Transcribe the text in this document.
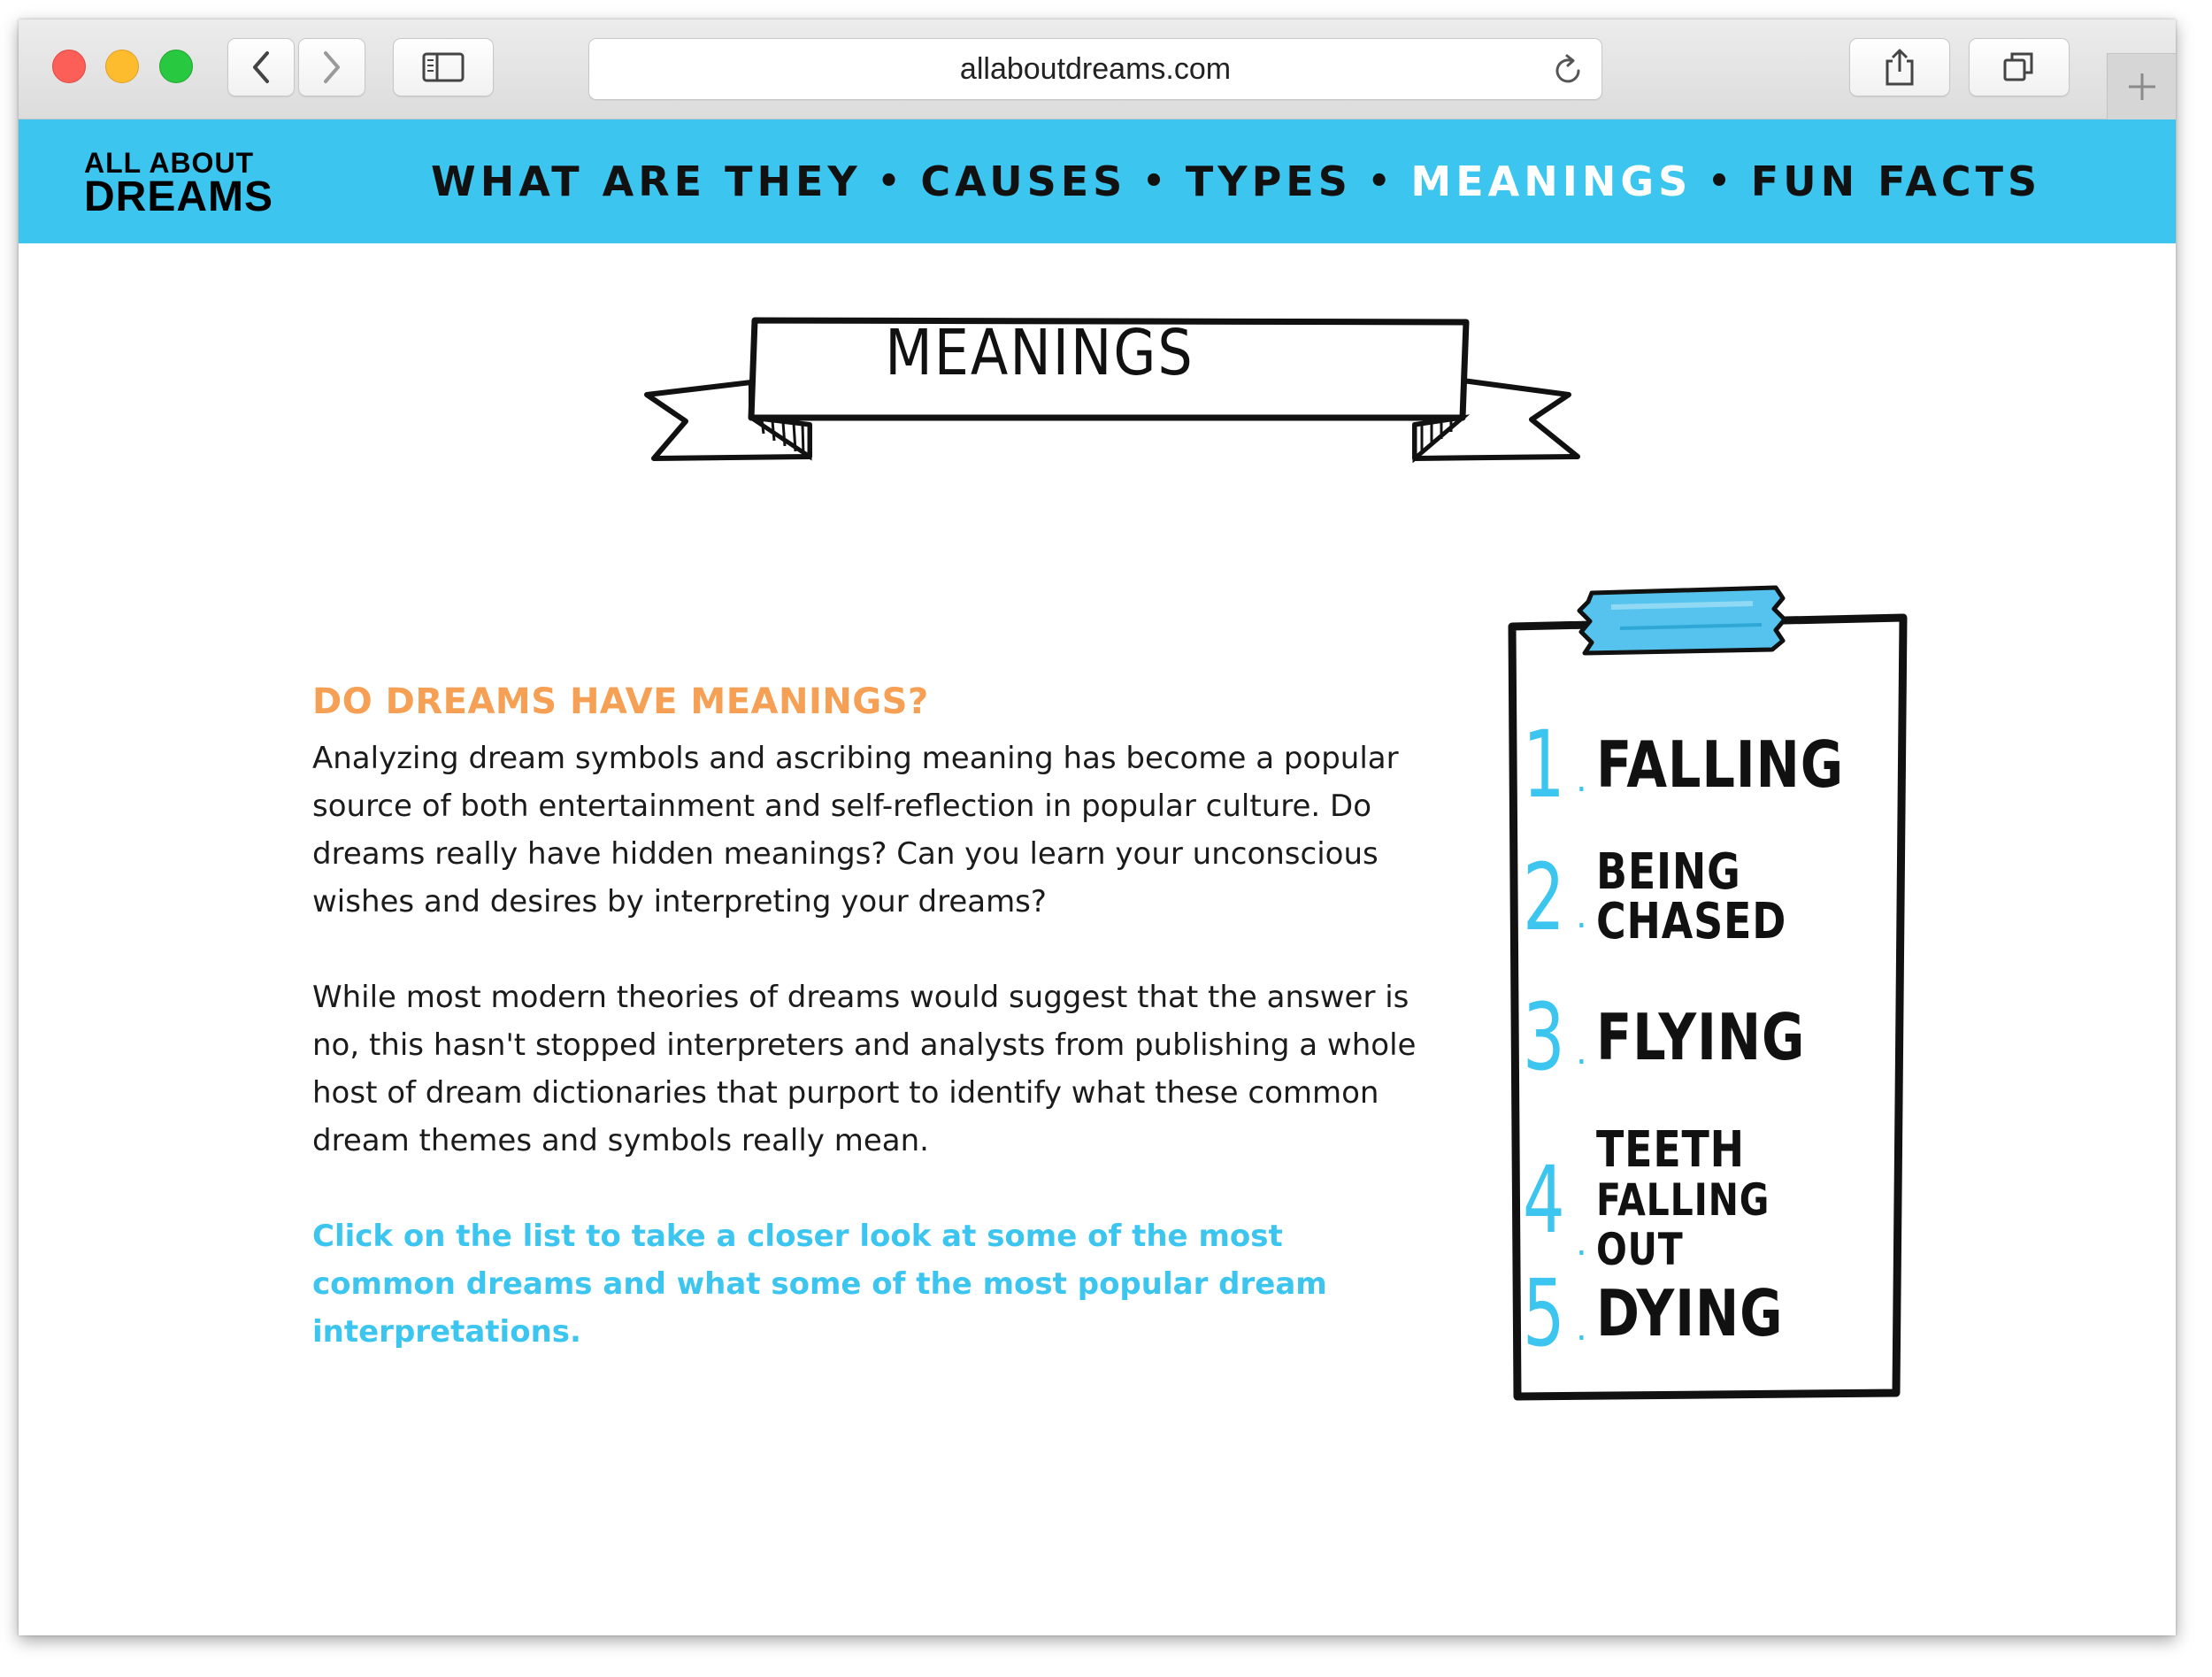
allaboutdreams.com
ALL ABOUT
DREAMS	WHAT ARE THEY • CAUSES • TYPES • MEANINGS • FUN FACTS
MEANINGS
DO DREAMS HAVE MEANINGS?

Analyzing dream symbols and ascribing meaning has become a popular source of both entertainment and self-reflection in popular culture. Do dreams really have hidden meanings? Can you learn your unconscious wishes and desires by interpreting your dreams?

While most modern theories of dreams would suggest that the answer is no, this hasn't stopped interpreters and analysts from publishing a whole host of dream dictionaries that purport to identify what these common dream themes and symbols really mean.

Click on the list to take a closer look at some of the most common dreams and what some of the most popular dream interpretations.

1 . FALLING
2 .
BEING
CHASED
3 . FLYING
4 .
TEETH
FALLING OUT
5 . DYING
